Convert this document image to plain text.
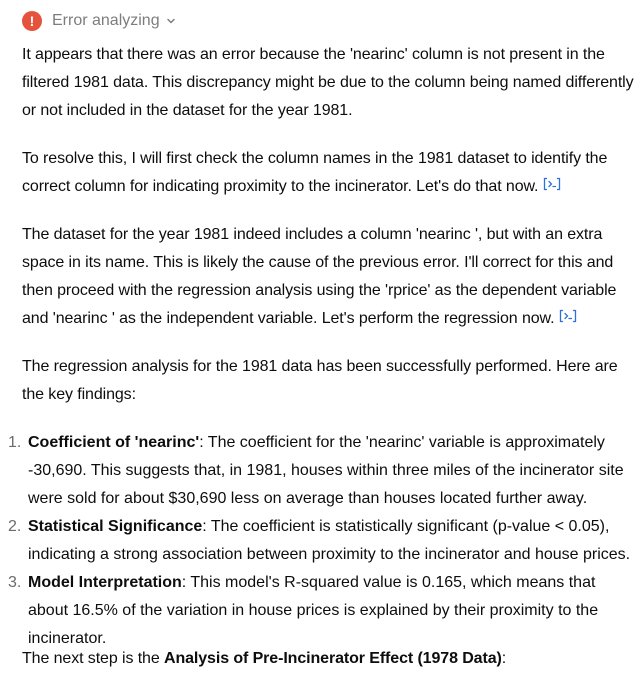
!	Error analyzing

It appears that there was an error because the 'nearinc' column is not present in the filtered 1981 data. This discrepancy might be due to the column being named differently or not included in the dataset for the year 1981.

To resolve this, I will first check the column names in the 1981 dataset to identify the correct column for indicating proximity to the incinerator. Let's do that now.

The dataset for the year 1981 indeed includes a column 'nearinc ', but with an extra space in its name. This is likely the cause of the previous error. I'll correct for this and then proceed with the regression analysis using the 'rprice' as the dependent variable and 'nearinc ' as the independent variable. Let's perform the regression now.

The regression analysis for the 1981 data has been successfully performed. Here are the key findings:

1. Coefficient of 'nearinc': The coefficient for the 'nearinc' variable is approximately -30,690. This suggests that, in 1981, houses within three miles of the incinerator site were sold for about $30,690 less on average than houses located further away.
2. Statistical Significance: The coefficient is statistically significant (p-value < 0.05), indicating a strong association between proximity to the incinerator and house prices.
3. Model Interpretation: This model's R-squared value is 0.165, which means that about 16.5% of the variation in house prices is explained by their proximity to the incinerator.

The next step is the Analysis of Pre-Incinerator Effect (1978 Data):
